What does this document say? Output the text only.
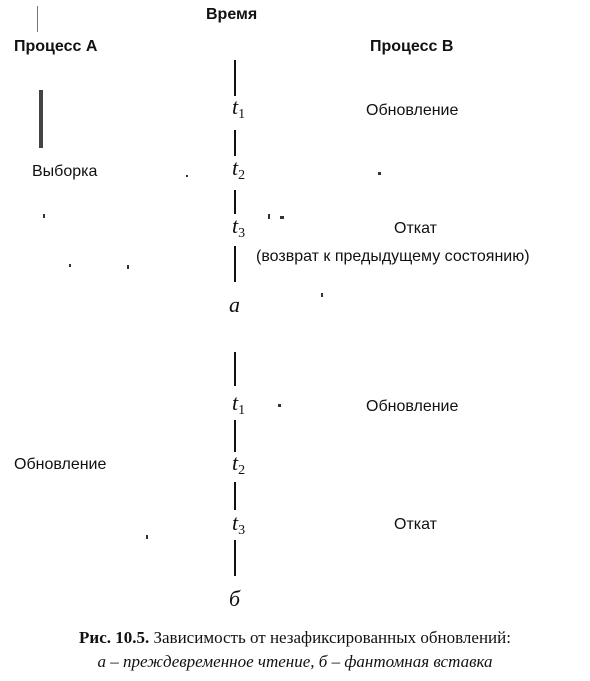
Время
Процесс А	Процесс В
$t_1$
$t_2$
$t_3$
Обновление
Выборка
Откат
(возврат к предыдущему состоянию)
а
$t_1$
$t_2$
$t_3$
Обновление
Обновление
Откат
б
Рис. 10.5. Зависимость от незафиксированных обновлений:
а – преждевременное чтение, б – фантомная вставка
